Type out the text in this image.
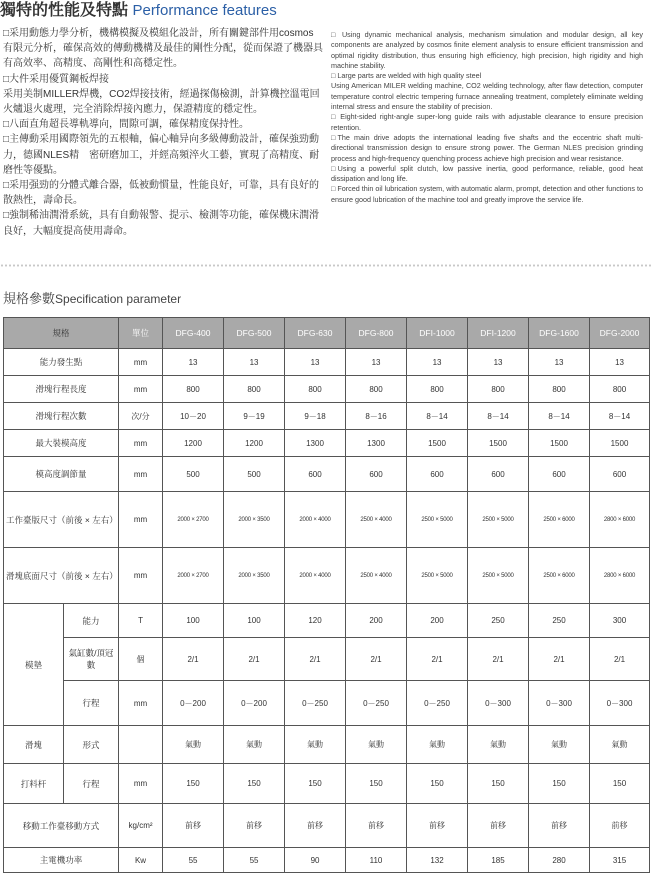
獨特的性能及特點 Performance features

□采用動態力學分析，機構模擬及模組化設計，所有關鍵部件用cosmos有限元分析，確保高效的傳動機構及最佳的剛性分配，從而保證了機器具有高效率、高精度、高剛性和高穩定性。

□大件采用優質鋼板焊接

采用美制MILLER焊機，CO2焊接技術，經過探傷檢測，計算機控溫電回火爐退火處理，完全消除焊接內應力，保證精度的穩定性。

□八面直角超長導軌導向，間隙可調，確保精度保持性。

□主傳動采用國際領先的五根軸，偏心軸异向多級傳動設計，確保強勁動力，德國NLES精　密研磨加工，并經高頻淬火工藝，實現了高精度、耐磨性等優點。

□采用强勁的分體式離合器，低被動慣量，性能良好，可靠，具有良好的散熱性，壽命長。

□強制稀油潤滑系統，具有自動報警、提示、檢測等功能，確保機床潤滑良好，大幅度提高使用壽命。

□ Using dynamic mechanical analysis, mechanism simulation and modular design, all key components are analyzed by cosmos finite element analysis to ensure efficient transmission and optimal rigidity distribution, thus ensuring high efficiency, high precision, high rigidity and high machine stability.

□ Large parts are welded with high quality steel

Using American MILER welding machine, CO2 welding technology, after flaw detection, computer temperature control electric tempering furnace annealing treatment, completely eliminate welding internal stress and ensure the stability of precision.

□ Eight-sided right-angle super-long guide rails with adjustable clearance to ensure precision retention.

□The main drive adopts the international leading five shafts and the eccentric shaft multi-directional transmission design to ensure strong power. The German NLES precision grinding process and high-frequency quenching process achieve high precision and wear resistance.

□Using a powerful split clutch, low passive inertia, good performance, reliable, good heat dissipation and long life.

□ Forced thin oil lubrication system, with automatic alarm, prompt, detection and other functions to ensure good lubrication of the machine tool and greatly improve the service life.

規格參數Specification parameter
規格		單位	DFG-400	DFG-500	DFG-630	DFG-800	DFI-1000	DFI-1200	DFG-1600	DFG-2000
能力發生點		mm	13	13	13	13	13	13	13	13
滑塊行程長度		mm	800	800	800	800	800	800	800	800
滑塊行程次數		次/分	10－20	9－19	9－18	8－16	8－14	8－14	8－14	8－14
最大裝模高度		mm	1200	1200	1300	1300	1500	1500	1500	1500
模高度調節量		mm	500	500	600	600	600	600	600	600
工作臺版尺寸（前後 × 左右）		mm	2000 × 2700	2000 × 3500	2000 × 4000	2500 × 4000	2500 × 5000	2500 × 5000	2500 × 6000	2800 × 6000
滑塊底面尺寸（前後 × 左右）		mm	2000 × 2700	2000 × 3500	2000 × 4000	2500 × 4000	2500 × 5000	2500 × 5000	2500 × 6000	2800 × 6000
模墊	能力	T	100	100	120	200	200	250	250	300
	氣缸數/頂冠數	個	2/1	2/1	2/1	2/1	2/1	2/1	2/1	2/1
	行程	mm	0－200	0－200	0－250	0－250	0－250	0－300	0－300	0－300
滑塊	形式		氣動	氣動	氣動	氣動	氣動	氣動	氣動	氣動
打料杆	行程	mm	150	150	150	150	150	150	150	150
移動工作臺移動方式		kg/cm²	前移	前移	前移	前移	前移	前移	前移	前移
主電機功率		Kw	55	55	90	110	132	185	280	315
